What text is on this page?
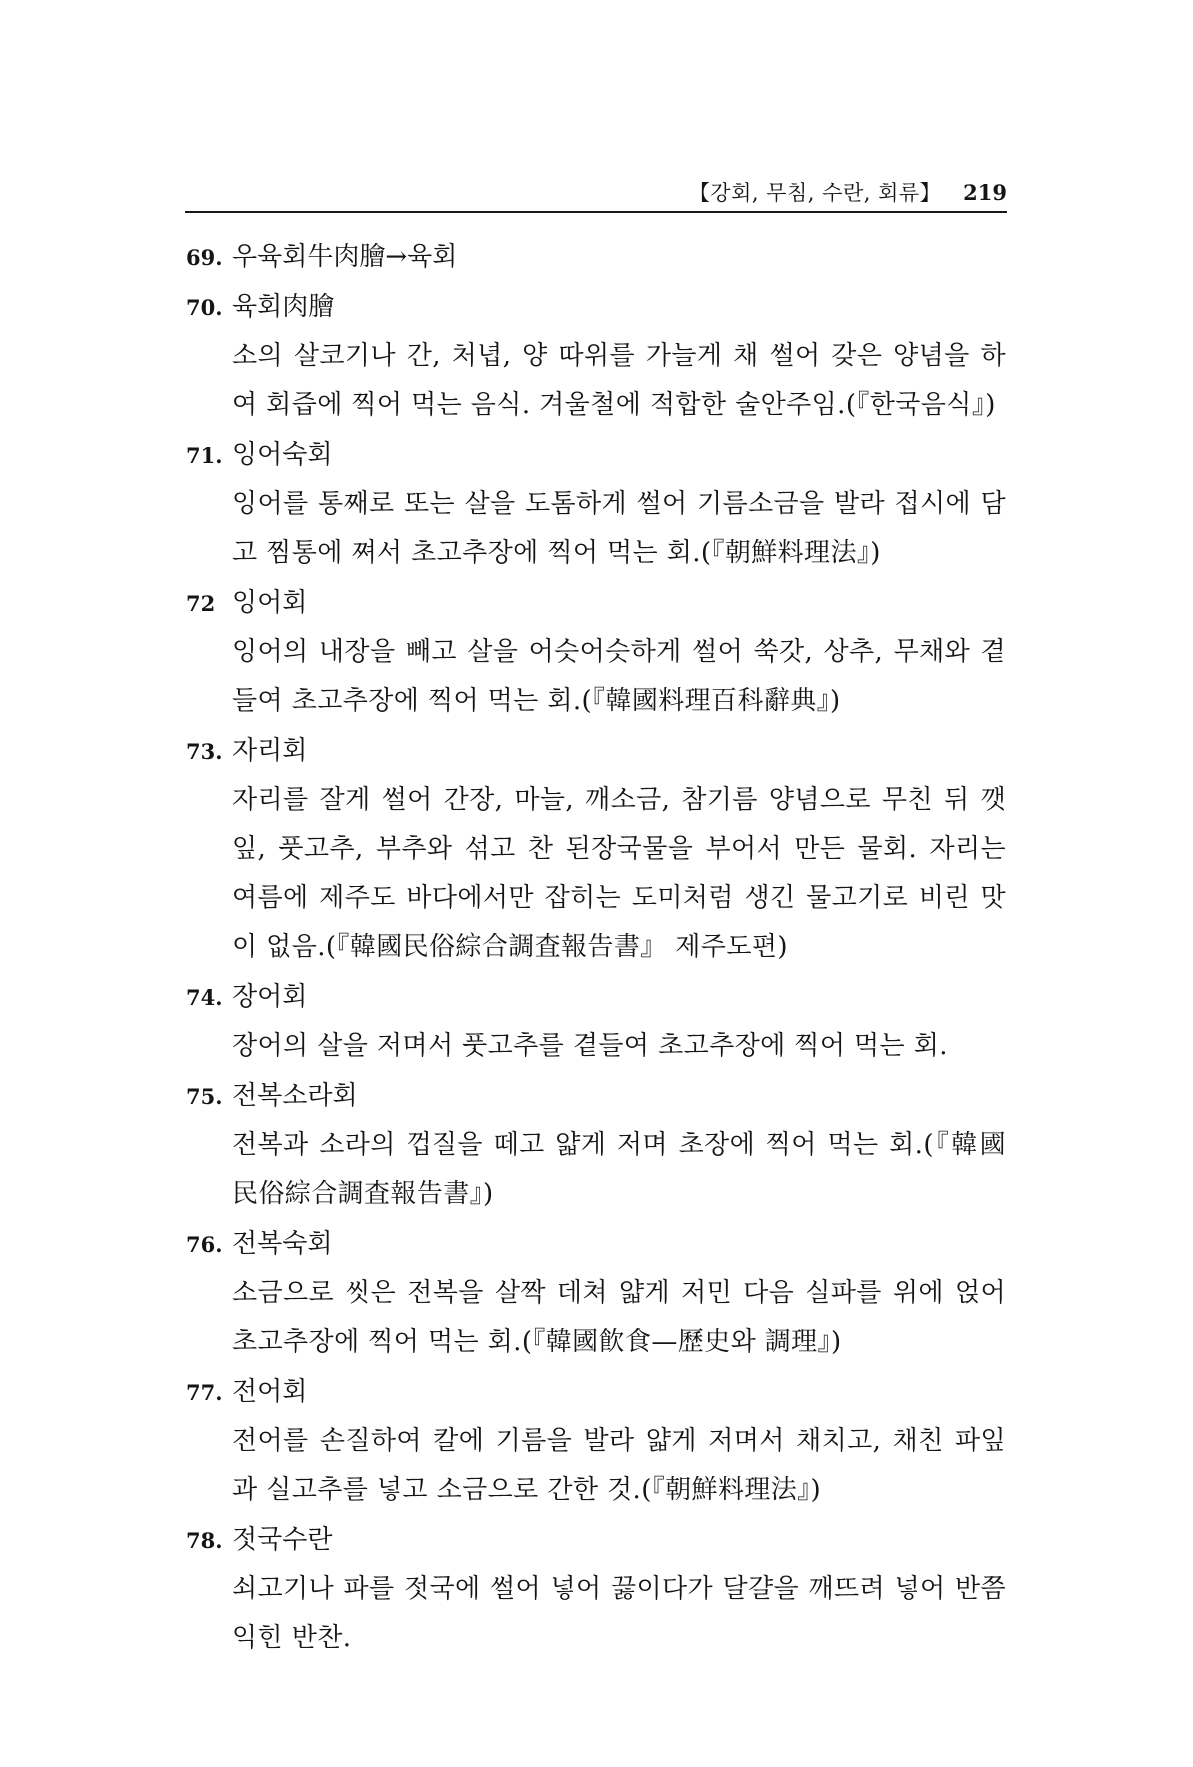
【강회, 무침, 수란, 회류】 219
69. 우육회牛肉膾→육회
70. 육회肉膾
소의 살코기나 간, 처녑, 양 따위를 가늘게 채 썰어 갖은 양념을 하여 회즙에 찍어 먹는 음식. 겨울철에 적합한 술안주임.(『한국음식』)
71. 잉어숙회
잉어를 통째로 또는 살을 도톰하게 썰어 기름소금을 발라 접시에 담고 찜통에 쪄서 초고추장에 찍어 먹는 회.(『朝鮮料理法』)
72 잉어회
잉어의 내장을 빼고 살을 어슷어슷하게 썰어 쑥갓, 상추, 무채와 곁들여 초고추장에 찍어 먹는 회.(『韓國料理百科辭典』)
73. 자리회
자리를 잘게 썰어 간장, 마늘, 깨소금, 참기름 양념으로 무친 뒤 깻잎, 풋고추, 부추와 섞고 찬 된장국물을 부어서 만든 물회. 자리는 여름에 제주도 바다에서만 잡히는 도미처럼 생긴 물고기로 비린 맛이 없음.(『韓國民俗綜合調査報告書』 제주도편)
74. 장어회
장어의 살을 저며서 풋고추를 곁들여 초고추장에 찍어 먹는 회.
75. 전복소라회
전복과 소라의 껍질을 떼고 얇게 저며 초장에 찍어 먹는 회.(『韓國民俗綜合調査報告書』)
76. 전복숙회
소금으로 씻은 전복을 살짝 데쳐 얇게 저민 다음 실파를 위에 얹어 초고추장에 찍어 먹는 회.(『韓國飮食—歷史와 調理』)
77. 전어회
전어를 손질하여 칼에 기름을 발라 얇게 저며서 채치고, 채친 파잎과 실고추를 넣고 소금으로 간한 것.(『朝鮮料理法』)
78. 젓국수란
쇠고기나 파를 젓국에 썰어 넣어 끓이다가 달걀을 깨뜨려 넣어 반쯤 익힌 반찬.
